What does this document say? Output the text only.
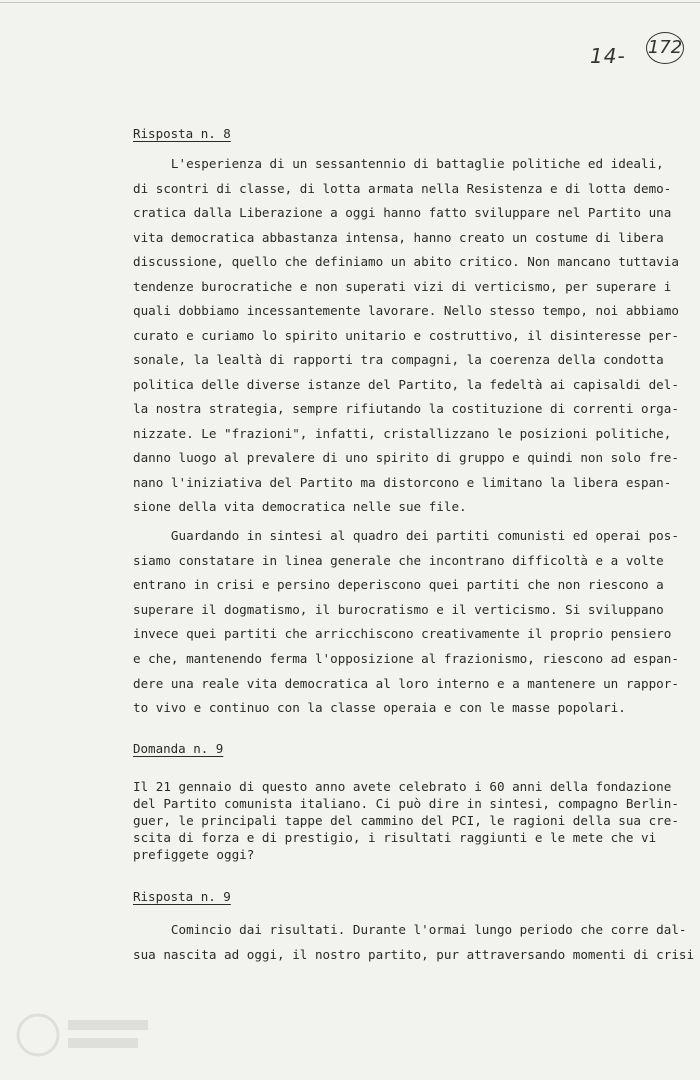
14- 172
Risposta n. 8
L'esperienza di un sessantennio di battaglie politiche ed ideali,
di scontri di classe, di lotta armata nella Resistenza e di lotta demo-
cratica dalla Liberazione a oggi hanno fatto sviluppare nel Partito una
vita democratica abbastanza intensa, hanno creato un costume di libera
discussione, quello che definiamo un abito critico. Non mancano tuttavia
tendenze burocratiche e non superati vizi di verticismo, per superare i
quali dobbiamo incessantemente lavorare. Nello stesso tempo, noi abbiamo
curato e curiamo lo spirito unitario e costruttivo, il disinteresse per-
sonale, la lealtà di rapporti tra compagni, la coerenza della condotta
politica delle diverse istanze del Partito, la fedeltà ai capisaldi del-
la nostra strategia, sempre rifiutando la costituzione di correnti orga-
nizzate. Le "frazioni", infatti, cristallizzano le posizioni politiche,
danno luogo al prevalere di uno spirito di gruppo e quindi non solo fre-
nano l'iniziativa del Partito ma distorcono e limitano la libera espan-
sione della vita democratica nelle sue file.
Guardando in sintesi al quadro dei partiti comunisti ed operai pos-
siamo constatare in linea generale che incontrano difficoltà e a volte
entrano in crisi e persino deperiscono quei partiti che non riescono a
superare il dogmatismo, il burocratismo e il verticismo. Si sviluppano
invece quei partiti che arricchiscono creativamente il proprio pensiero
e che, mantenendo ferma l'opposizione al frazionismo, riescono ad espan-
dere una reale vita democratica al loro interno e a mantenere un rappor-
to vivo e continuo con la classe operaia e con le masse popolari.
Domanda n. 9
Il 21 gennaio di questo anno avete celebrato i 60 anni della fondazione
del Partito comunista italiano. Ci può dire in sintesi, compagno Berlin-
guer, le principali tappe del cammino del PCI, le ragioni della sua cre-
scita di forza e di prestigio, i risultati raggiunti e le mete che vi
prefiggete oggi?
Risposta n. 9
Comincio dai risultati. Durante l'ormai lungo periodo che corre dal-
sua nascita ad oggi, il nostro partito, pur attraversando momenti di crisi
